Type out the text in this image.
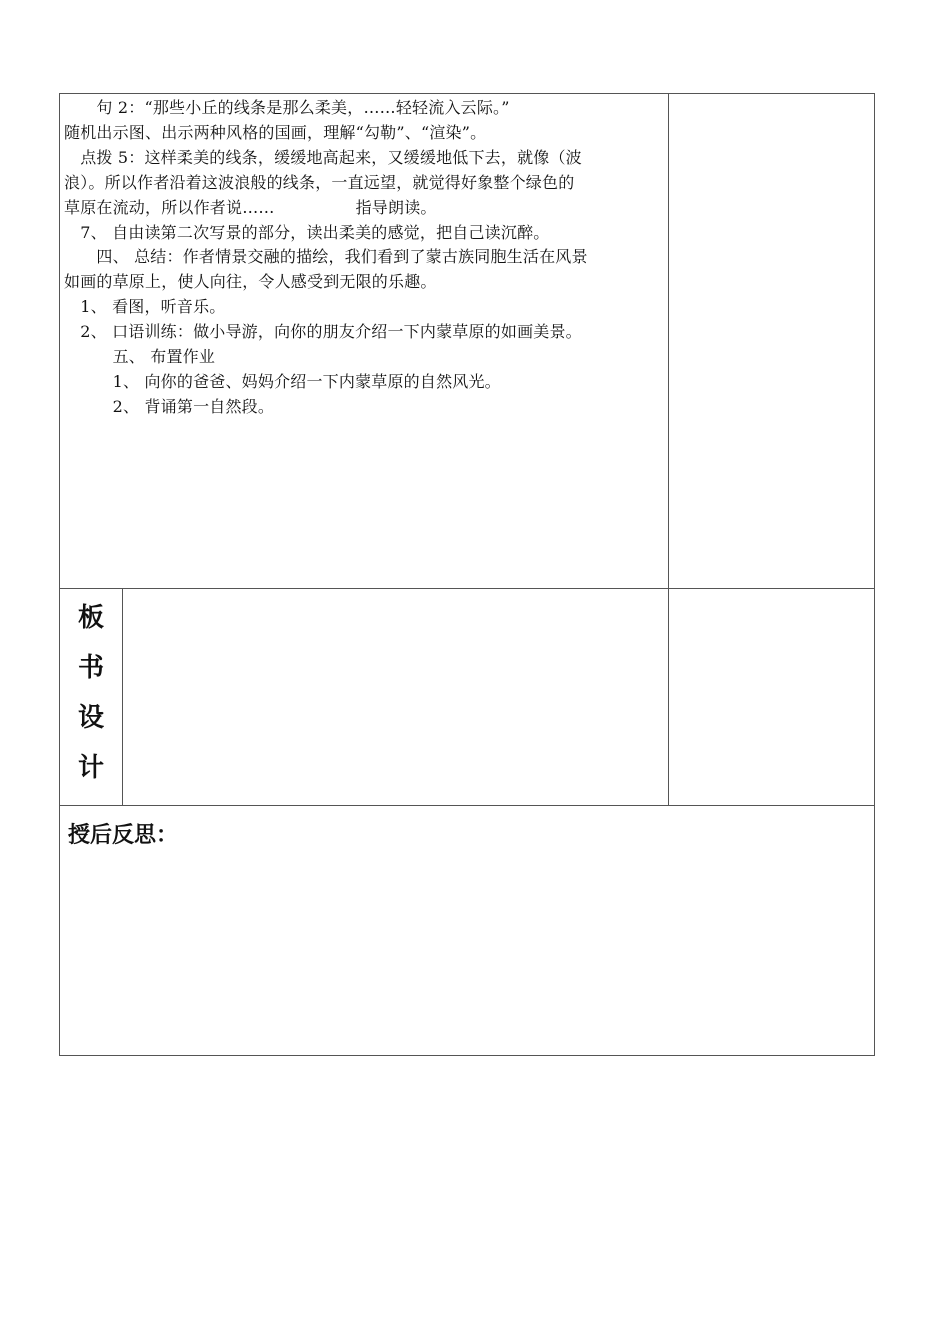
　　句 2：“那些小丘的线条是那么柔美，……轻轻流入云际。”
随机出示图、出示两种风格的国画，理解“勾勒”、“渲染”。
　点拨 5：这样柔美的线条，缓缓地高起来，又缓缓地低下去，就像（波
浪）。所以作者沿着这波浪般的线条，一直远望，就觉得好象整个绿色的
草原在流动，所以作者说……　　　　　指导朗读。
　7、 自由读第二次写景的部分，读出柔美的感觉，把自己读沉醉。
　　四、 总结：作者情景交融的描绘，我们看到了蒙古族同胞生活在风景
如画的草原上，使人向往，令人感受到无限的乐趣。
　1、 看图，听音乐。
　2、 口语训练：做小导游，向你的朋友介绍一下内蒙草原的如画美景。
　　　五、 布置作业
　　　1、 向你的爸爸、妈妈介绍一下内蒙草原的自然风光。
　　　2、 背诵第一自然段。
板
书
设
计
授后反思：
